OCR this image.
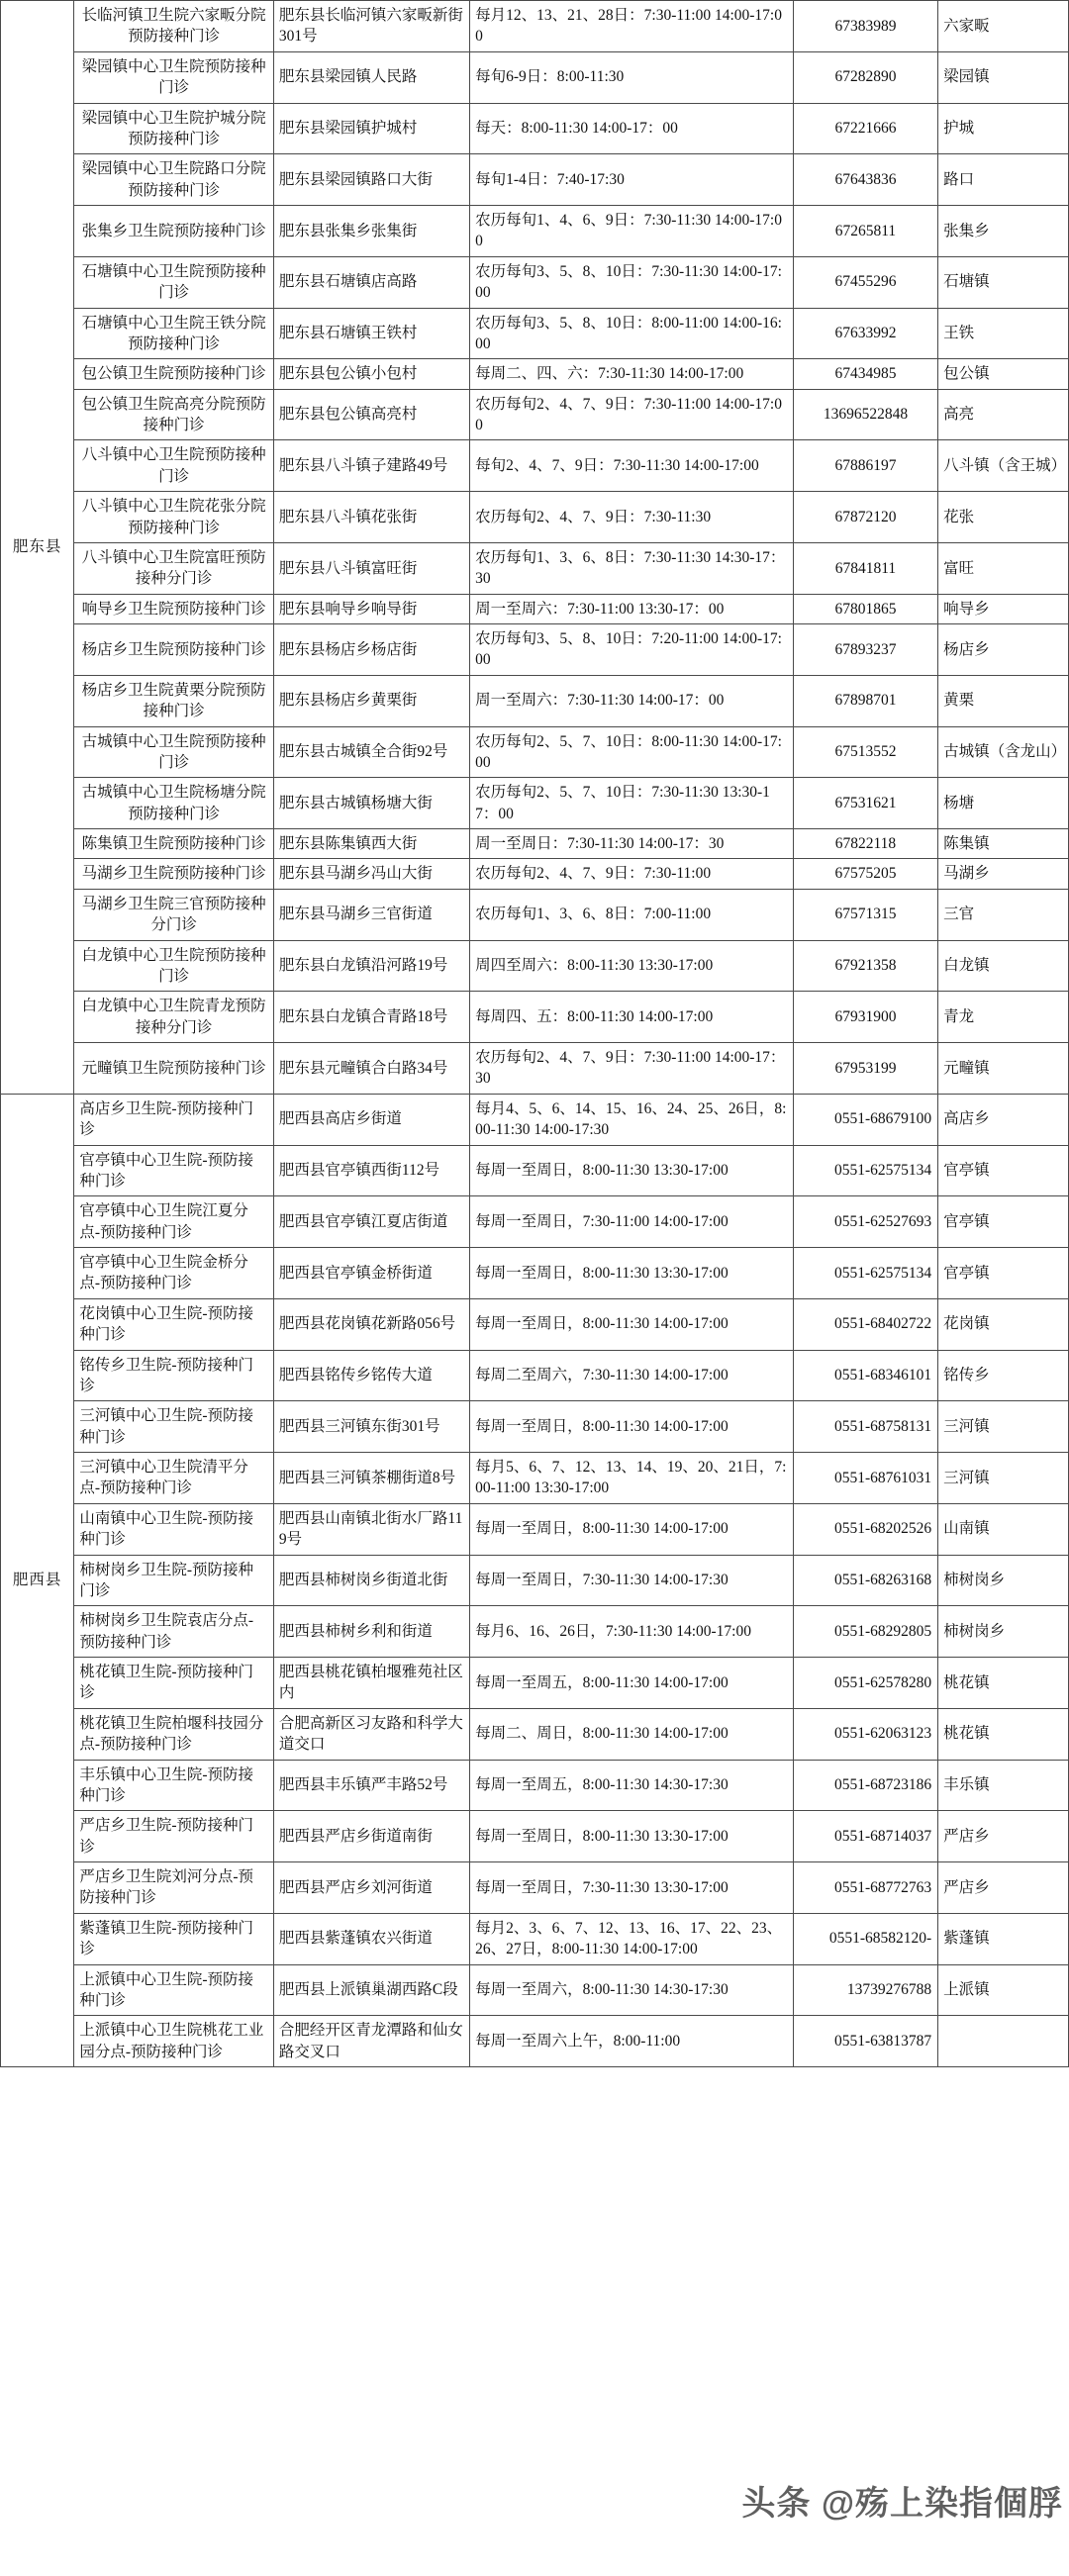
肥东县	长临河镇卫生院六家畈分院预防接种门诊	肥东县长临河镇六家畈新街301号	每月12、13、21、28日：7:30-11:00 14:00-17:00	67383989	六家畈
	梁园镇中心卫生院预防接种门诊	肥东县梁园镇人民路	每旬6-9日：8:00-11:30	67282890	梁园镇
	梁园镇中心卫生院护城分院预防接种门诊	肥东县梁园镇护城村	每天：8:00-11:30 14:00-17：00	67221666	护城
	梁园镇中心卫生院路口分院预防接种门诊	肥东县梁园镇路口大街	每旬1-4日：7:40-17:30	67643836	路口
	张集乡卫生院预防接种门诊	肥东县张集乡张集街	农历每旬1、4、6、9日：7:30-11:30 14:00-17:00	67265811	张集乡
	石塘镇中心卫生院预防接种门诊	肥东县石塘镇店高路	农历每旬3、5、8、10日：7:30-11:30 14:00-17:00	67455296	石塘镇
	石塘镇中心卫生院王铁分院预防接种门诊	肥东县石塘镇王铁村	农历每旬3、5、8、10日：8:00-11:00 14:00-16:00	67633992	王铁
	包公镇卫生院预防接种门诊	肥东县包公镇小包村	每周二、四、六：7:30-11:30 14:00-17:00	67434985	包公镇
	包公镇卫生院高亮分院预防接种门诊	肥东县包公镇高亮村	农历每旬2、4、7、9日：7:30-11:00 14:00-17:00	13696522848	高亮
	八斗镇中心卫生院预防接种门诊	肥东县八斗镇子建路49号	每旬2、4、7、9日：7:30-11:30 14:00-17:00	67886197	八斗镇（含王城）
	八斗镇中心卫生院花张分院预防接种门诊	肥东县八斗镇花张街	农历每旬2、4、7、9日：7:30-11:30	67872120	花张
	八斗镇中心卫生院富旺预防接种分门诊	肥东县八斗镇富旺街	农历每旬1、3、6、8日：7:30-11:30 14:30-17：30	67841811	富旺
	响导乡卫生院预防接种门诊	肥东县响导乡响导街	周一至周六：7:30-11:00 13:30-17：00	67801865	响导乡
	杨店乡卫生院预防接种门诊	肥东县杨店乡杨店街	农历每旬3、5、8、10日：7:20-11:00 14:00-17:00	67893237	杨店乡
	杨店乡卫生院黄栗分院预防接种门诊	肥东县杨店乡黄栗街	周一至周六：7:30-11:30 14:00-17：00	67898701	黄栗
	古城镇中心卫生院预防接种门诊	肥东县古城镇全合街92号	农历每旬2、5、7、10日：8:00-11:30 14:00-17:00	67513552	古城镇（含龙山）
	古城镇中心卫生院杨塘分院预防接种门诊	肥东县古城镇杨塘大街	农历每旬2、5、7、10日：7:30-11:30 13:30-17：00	67531621	杨塘
	陈集镇卫生院预防接种门诊	肥东县陈集镇西大街	周一至周日：7:30-11:30 14:00-17：30	67822118	陈集镇
	马湖乡卫生院预防接种门诊	肥东县马湖乡冯山大街	农历每旬2、4、7、9日：7:30-11:00	67575205	马湖乡
	马湖乡卫生院三官预防接种分门诊	肥东县马湖乡三官街道	农历每旬1、3、6、8日：7:00-11:00	67571315	三官
	白龙镇中心卫生院预防接种门诊	肥东县白龙镇沿河路19号	周四至周六：8:00-11:30 13:30-17:00	67921358	白龙镇
	白龙镇中心卫生院青龙预防接种分门诊	肥东县白龙镇合青路18号	每周四、五：8:00-11:30 14:00-17:00	67931900	青龙
	元疃镇卫生院预防接种门诊	肥东县元疃镇合白路34号	农历每旬2、4、7、9日：7:30-11:00 14:00-17：30	67953199	元疃镇
肥西县	高店乡卫生院-预防接种门诊	肥西县高店乡街道	每月4、5、6、14、15、16、24、25、26日，8:00-11:30 14:00-17:30	0551-68679100	高店乡
	官亭镇中心卫生院-预防接种门诊	肥西县官亭镇西街112号	每周一至周日，8:00-11:30 13:30-17:00	0551-62575134	官亭镇
	官亭镇中心卫生院江夏分点-预防接种门诊	肥西县官亭镇江夏店街道	每周一至周日，7:30-11:00 14:00-17:00	0551-62527693	官亭镇
	官亭镇中心卫生院金桥分点-预防接种门诊	肥西县官亭镇金桥街道	每周一至周日，8:00-11:30 13:30-17:00	0551-62575134	官亭镇
	花岗镇中心卫生院-预防接种门诊	肥西县花岗镇花新路056号	每周一至周日，8:00-11:30 14:00-17:00	0551-68402722	花岗镇
	铭传乡卫生院-预防接种门诊	肥西县铭传乡铭传大道	每周二至周六，7:30-11:30 14:00-17:00	0551-68346101	铭传乡
	三河镇中心卫生院-预防接种门诊	肥西县三河镇东街301号	每周一至周日，8:00-11:30 14:00-17:00	0551-68758131	三河镇
	三河镇中心卫生院清平分点-预防接种门诊	肥西县三河镇茶棚街道8号	每月5、6、7、12、13、14、19、20、21日，7:00-11:00 13:30-17:00	0551-68761031	三河镇
	山南镇中心卫生院-预防接种门诊	肥西县山南镇北街水厂路119号	每周一至周日，8:00-11:30 14:00-17:00	0551-68202526	山南镇
	柿树岗乡卫生院-预防接种门诊	肥西县柿树岗乡街道北街	每周一至周日，7:30-11:30 14:00-17:30	0551-68263168	柿树岗乡
	柿树岗乡卫生院袁店分点-预防接种门诊	肥西县柿树乡利和街道	每月6、16、26日，7:30-11:30 14:00-17:00	0551-68292805	柿树岗乡
	桃花镇卫生院-预防接种门诊	肥西县桃花镇柏堰雅苑社区内	每周一至周五，8:00-11:30 14:00-17:00	0551-62578280	桃花镇
	桃花镇卫生院柏堰科技园分点-预防接种门诊	合肥高新区习友路和科学大道交口	每周二、周日，8:00-11:30 14:00-17:00	0551-62063123	桃花镇
	丰乐镇中心卫生院-预防接种门诊	肥西县丰乐镇严丰路52号	每周一至周五，8:00-11:30 14:30-17:30	0551-68723186	丰乐镇
	严店乡卫生院-预防接种门诊	肥西县严店乡街道南街	每周一至周日，8:00-11:30 13:30-17:00	0551-68714037	严店乡
	严店乡卫生院刘河分点-预防接种门诊	肥西县严店乡刘河街道	每周一至周日，7:30-11:30 13:30-17:00	0551-68772763	严店乡
	紫蓬镇卫生院-预防接种门诊	肥西县紫蓬镇农兴街道	每月2、3、6、7、12、13、16、17、22、23、26、27日，8:00-11:30 14:00-17:00	0551-68582120-	紫蓬镇
	上派镇中心卫生院-预防接种门诊	肥西县上派镇巢湖西路C段	每周一至周六，8:00-11:30 14:30-17:30	13739276788	上派镇
	上派镇中心卫生院桃花工业园分点-预防接种门诊	合肥经开区青龙潭路和仙女路交叉口	每周一至周六上午，8:00-11:00	0551-63813787	
头条 @殇上染指個脬
